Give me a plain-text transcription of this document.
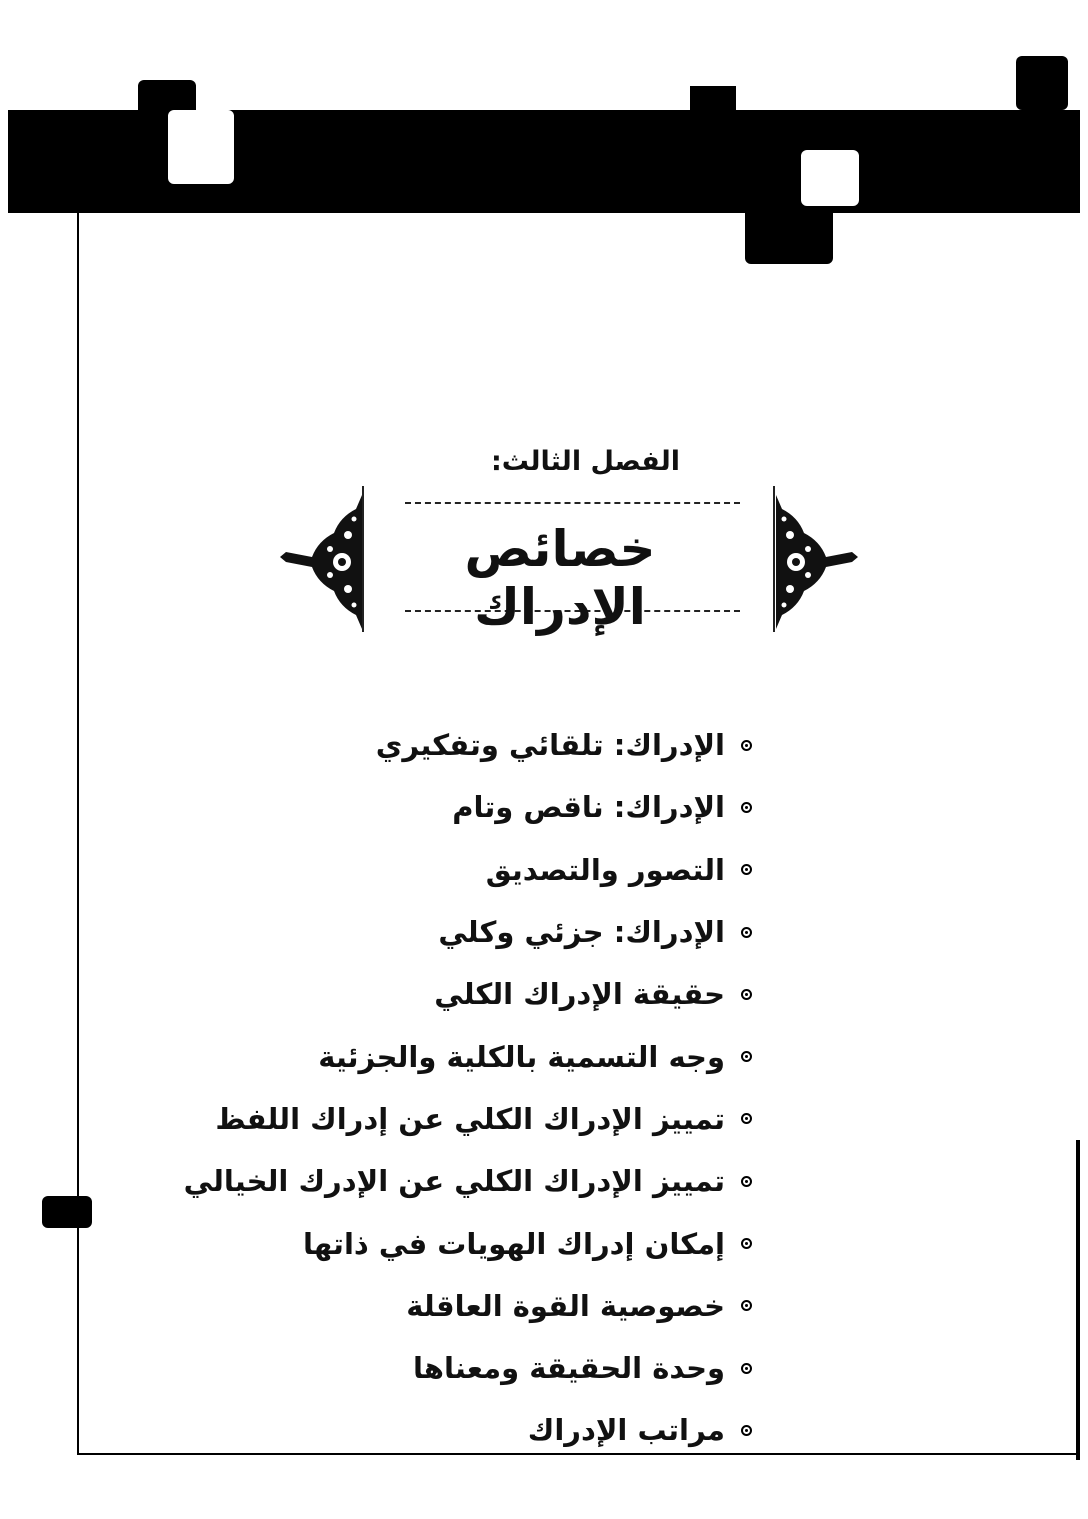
الفصل الثالث:
خصائص الإدراك
الإدراك: تلقائي وتفكيري
الإدراك: ناقص وتام
التصور والتصديق
الإدراك: جزئي وكلي
حقيقة الإدراك الكلي
وجه التسمية بالكلية والجزئية
تمييز الإدراك الكلي عن إدراك اللفظ
تمييز الإدراك الكلي عن الإدرك الخيالي
إمكان إدراك الهويات في ذاتها
خصوصية القوة العاقلة
وحدة الحقيقة ومعناها
مراتب الإدراك
